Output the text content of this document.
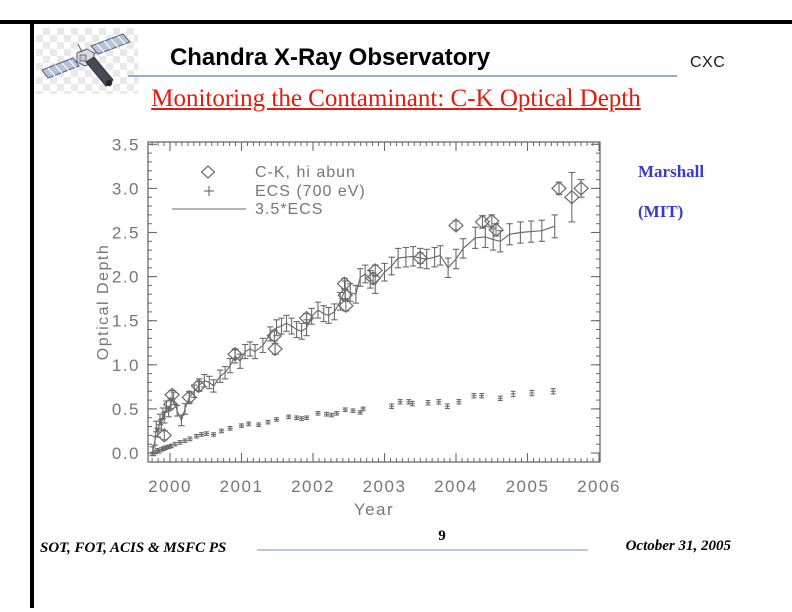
Chandra X-Ray Observatory	CXC
Monitoring the Contaminant: C-K Optical Depth
2000 2001 2002 2003 2004 2005 2006
0.0
0.5
1.0
1.5
2.0
2.5
3.0
3.5
Year
Optical Depth
C-K, hi abun
ECS (700 eV)
3.5*ECS
Marshall
(MIT)
SOT, FOT, ACIS & MSFC PS
9
October 31, 2005
